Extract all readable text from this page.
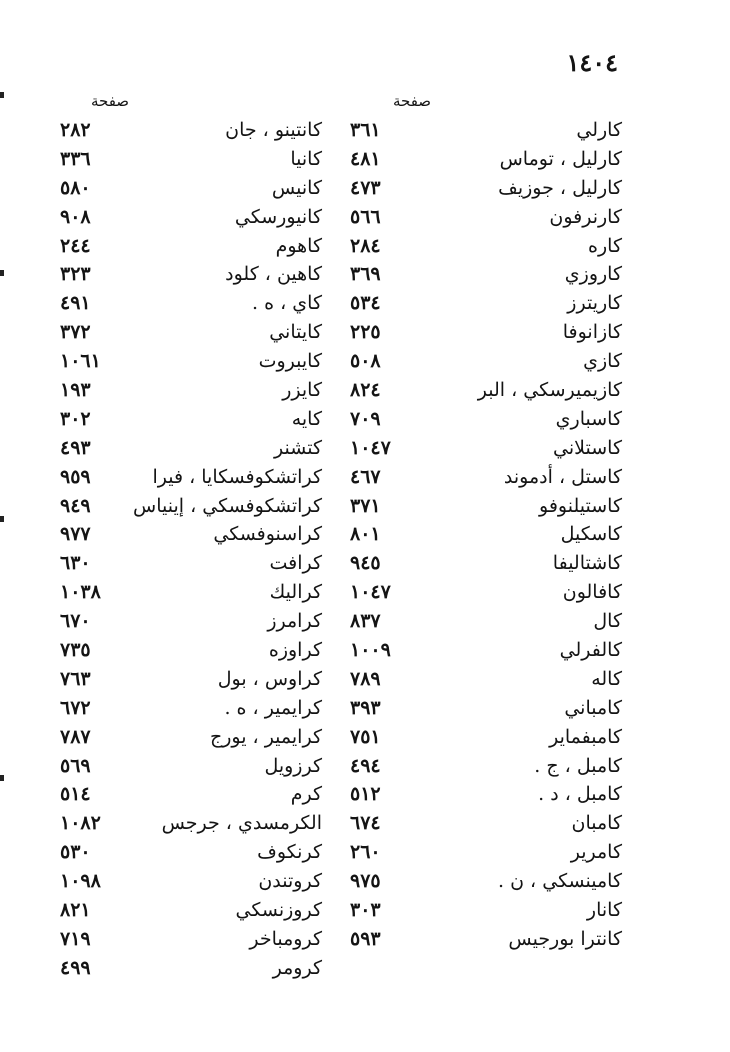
١٤٠٤
صفحة
صفحة
كارلي
٣٦١
كارليل ، توماس
٤٨١
كارليل ، جوزيف
٤٧٣
كارنرفون
٥٦٦
كاره
٢٨٤
كاروزي
٣٦٩
كاريترز
٥٣٤
كازانوفا
٢٢٥
كازي
٥٠٨
كازيميرسكي ، البر
٨٢٤
كاسباري
٧٠٩
كاستلاني
١٠٤٧
كاستل ، أدموند
٤٦٧
كاستيلنوفو
٣٧١
كاسكيل
٨٠١
كاشتاليفا
٩٤٥
كافالون
١٠٤٧
كال
٨٣٧
كالفرلي
١٠٠٩
كاله
٧٨٩
كامباني
٣٩٣
كامبفماير
٧٥١
كامبل ، ج .
٤٩٤
كامبل ، د .
٥١٢
كامبان
٦٧٤
كامرير
٢٦٠
كامينسكي ، ن .
٩٧٥
كانار
٣٠٣
كانترا بورجيس
٥٩٣
كانتينو ، جان
٢٨٢
كانيا
٣٣٦
كانيس
٥٨٠
كانيورسكي
٩٠٨
كاهوم
٢٤٤
كاهين ، كلود
٣٢٣
كاي ، ه .
٤٩١
كايتاني
٣٧٢
كايبروت
١٠٦١
كايزر
١٩٣
كايه
٣٠٢
كتشنر
٤٩٣
كراتشكوفسكايا ، فيرا
٩٥٩
كراتشكوفسكي ، إينياس
٩٤٩
كراسنوفسكي
٩٧٧
كرافت
٦٣٠
كراليك
١٠٣٨
كرامرز
٦٧٠
كراوزه
٧٣٥
كراوس ، بول
٧٦٣
كرايمير ، ه .
٦٧٢
كرايمير ، يورج
٧٨٧
كرزويل
٥٦٩
كرم
٥١٤
الكرمسدي ، جرجس
١٠٨٢
كرنكوف
٥٣٠
كروتندن
١٠٩٨
كروزنسكي
٨٢١
كرومباخر
٧١٩
كرومر
٤٩٩
